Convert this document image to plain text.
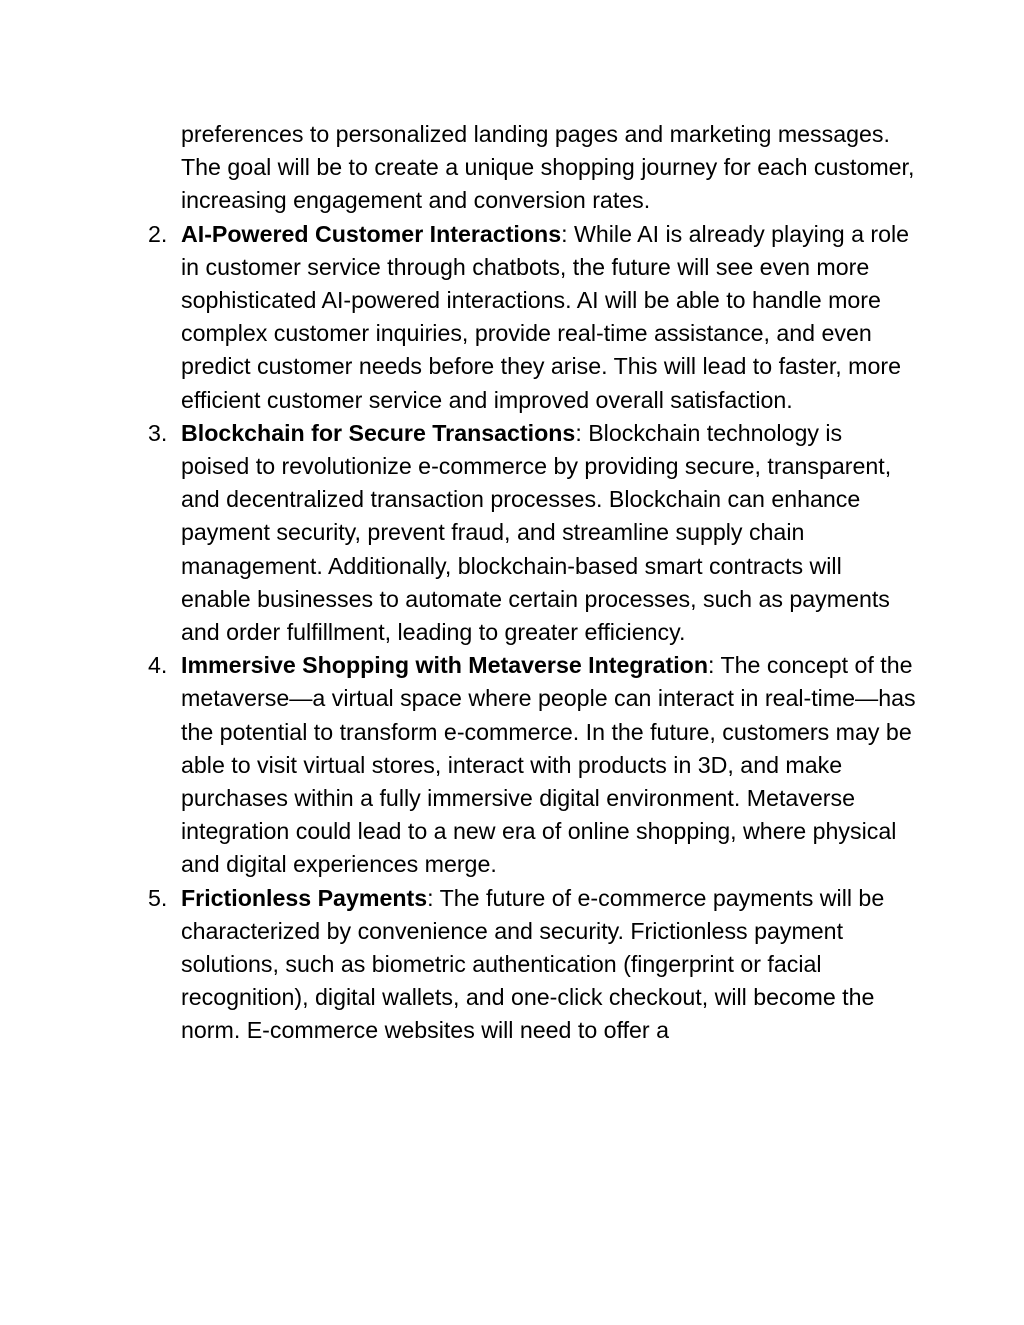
preferences to personalized landing pages and marketing messages. The goal will be to create a unique shopping journey for each customer, increasing engagement and conversion rates.

2. AI-Powered Customer Interactions: While AI is already playing a role in customer service through chatbots, the future will see even more sophisticated AI-powered interactions. AI will be able to handle more complex customer inquiries, provide real-time assistance, and even predict customer needs before they arise. This will lead to faster, more efficient customer service and improved overall satisfaction.
3. Blockchain for Secure Transactions: Blockchain technology is poised to revolutionize e-commerce by providing secure, transparent, and decentralized transaction processes. Blockchain can enhance payment security, prevent fraud, and streamline supply chain management. Additionally, blockchain-based smart contracts will enable businesses to automate certain processes, such as payments and order fulfillment, leading to greater efficiency.
4. Immersive Shopping with Metaverse Integration: The concept of the metaverse—a virtual space where people can interact in real-time—has the potential to transform e-commerce. In the future, customers may be able to visit virtual stores, interact with products in 3D, and make purchases within a fully immersive digital environment. Metaverse integration could lead to a new era of online shopping, where physical and digital experiences merge.
5. Frictionless Payments: The future of e-commerce payments will be characterized by convenience and security. Frictionless payment solutions, such as biometric authentication (fingerprint or facial recognition), digital wallets, and one-click checkout, will become the norm. E-commerce websites will need to offer a
